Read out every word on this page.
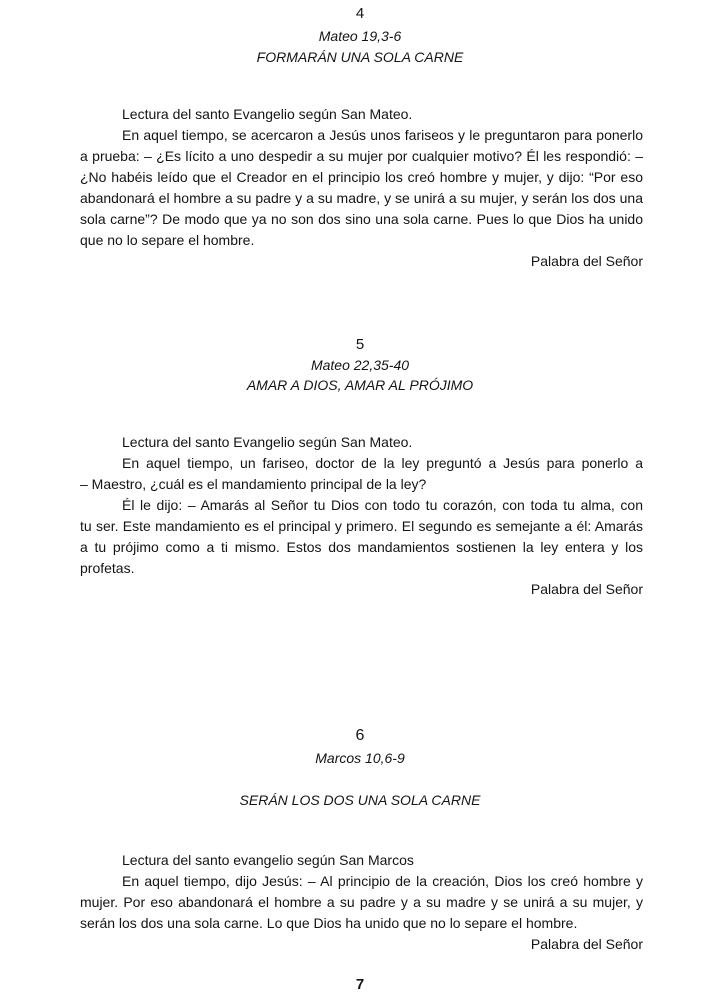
4
Mateo 19,3-6
FORMARÁN UNA SOLA CARNE
Lectura del santo Evangelio según San Mateo.
En aquel tiempo, se acercaron a Jesús unos fariseos y le preguntaron para ponerlo
a prueba: – ¿Es lícito a uno despedir a su mujer por cualquier motivo? Él les respondió: –
¿No habéis leído que el Creador en el principio los creó hombre y mujer, y dijo: “Por eso
abandonará el hombre a su padre y a su madre, y se unirá a su mujer, y serán los dos una
sola carne”? De modo que ya no son dos sino una sola carne. Pues lo que Dios ha unido
que no lo separe el hombre.
Palabra del Señor
5
Mateo 22,35-40
AMAR A DIOS, AMAR AL PRÓJIMO
Lectura del santo Evangelio según San Mateo.
En aquel tiempo, un fariseo, doctor de la ley preguntó a Jesús para ponerlo a
– Maestro, ¿cuál es el mandamiento principal de la ley?
Él le dijo: – Amarás al Señor tu Dios con todo tu corazón, con toda tu alma, con
tu ser. Este mandamiento es el principal y primero. El segundo es semejante a él: Amarás
a tu prójimo como a ti mismo. Estos dos mandamientos sostienen la ley entera y los
profetas.
Palabra del Señor
6
Marcos 10,6-9
SERÁN LOS DOS UNA SOLA CARNE
Lectura del santo evangelio según San Marcos
En aquel tiempo, dijo Jesús: – Al principio de la creación, Dios los creó hombre y
mujer. Por eso abandonará el hombre a su padre y a su madre y se unirá a su mujer, y
serán los dos una sola carne. Lo que Dios ha unido que no lo separe el hombre.
Palabra del Señor
7
